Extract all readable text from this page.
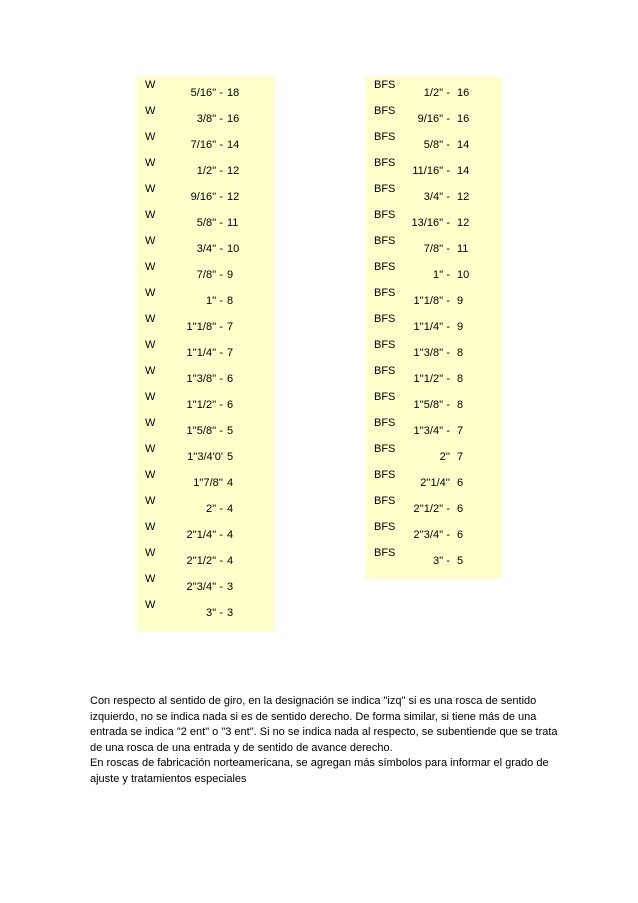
W
5/16'' - 18
W
3/8'' - 16
W
7/16'' - 14
W
1/2'' - 12
W
9/16'' - 12
W
5/8'' - 11
W
3/4'' - 10
W
7/8'' - 9
W
1'' - 8
W
1''1/8'' - 7
W
1''1/4'' - 7
W
1''3/8'' - 6
W
1''1/2'' - 6
W
1''5/8'' - 5
W
1''3/4'0' 5
W
1''7/8'' 4
W
2'' - 4
W
2''1/4'' - 4
W
2''1/2'' - 4
W
2''3/4'' - 3
W
3'' - 3
BFS
1/2'' - 16
BFS
9/16'' - 16
BFS
5/8'' - 14
BFS
11/16'' - 14
BFS
3/4'' - 12
BFS
13/16'' - 12
BFS
7/8'' - 11
BFS
1'' - 10
BFS
1''1/8'' - 9
BFS
1''1/4'' - 9
BFS
1''3/8'' - 8
BFS
1''1/2'' - 8
BFS
1''5/8'' - 8
BFS
1''3/4'' - 7
BFS
2'' 7
BFS
2''1/4'' 6
BFS
2''1/2'' - 6
BFS
2''3/4'' - 6
BFS
3'' - 5

Con respecto al sentido de giro, en la designación se indica "izq" si es una rosca de sentido izquierdo, no se indica nada si es de sentido derecho. De forma similar, si tiene más de una entrada se indica "2 ent" o "3 ent". Si no se indica nada al respecto, se subentiende que se trata de una rosca de una entrada y de sentido de avance derecho.

En roscas de fabricación norteamericana, se agregan más símbolos para informar el grado de ajuste y tratamientos especiales
